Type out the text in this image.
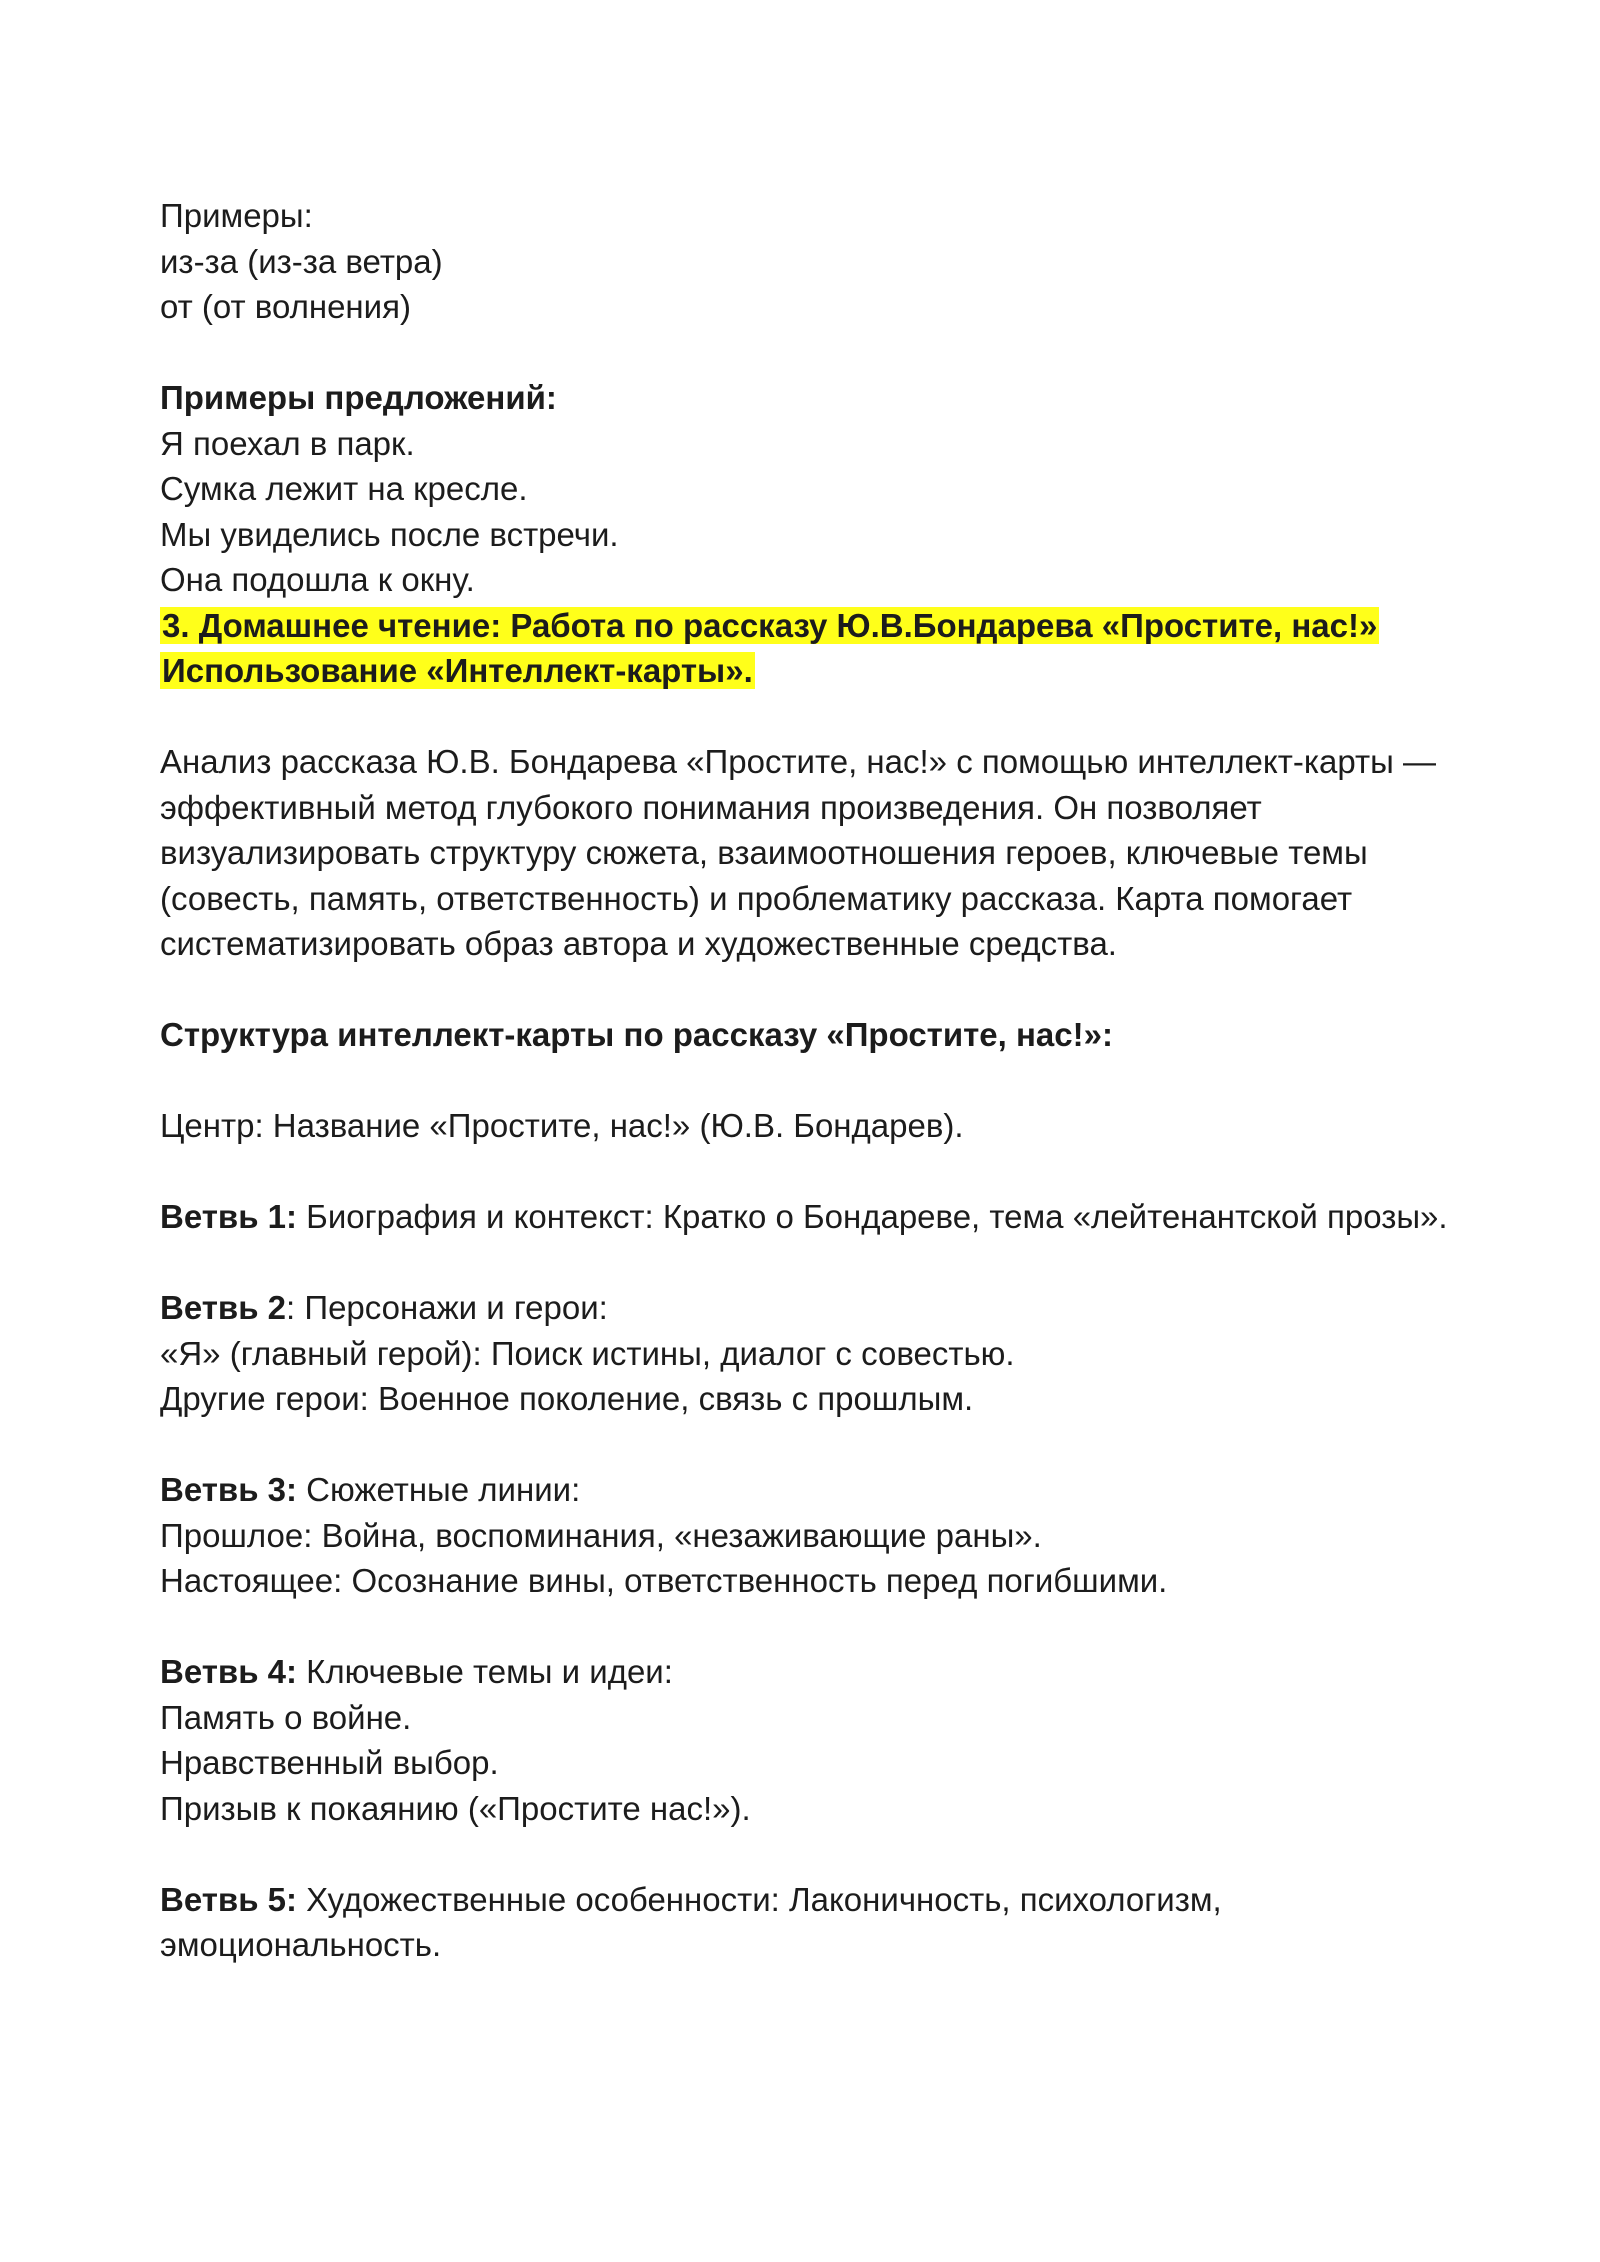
Примеры:
из-за (из-за ветра)
от (от волнения)
Примеры предложений:
Я поехал в парк.
Сумка лежит на кресле.
Мы увиделись после встречи.
Она подошла к окну.
3. Домашнее чтение: Работа по рассказу Ю.В.Бондарева «Простите, нас!»
Использование «Интеллект-карты».
Анализ рассказа Ю.В. Бондарева «Простите, нас!» с помощью интеллект-карты —
эффективный метод глубокого понимания произведения. Он позволяет
визуализировать структуру сюжета, взаимоотношения героев, ключевые темы
(совесть, память, ответственность) и проблематику рассказа. Карта помогает
систематизировать образ автора и художественные средства.
Структура интеллект-карты по рассказу «Простите, нас!»:
Центр: Название «Простите, нас!» (Ю.В. Бондарев).
Ветвь 1: Биография и контекст: Кратко о Бондареве, тема «лейтенантской прозы».
Ветвь 2: Персонажи и герои:
«Я» (главный герой): Поиск истины, диалог с совестью.
Другие герои: Военное поколение, связь с прошлым.
Ветвь 3: Сюжетные линии:
Прошлое: Война, воспоминания, «незаживающие раны».
Настоящее: Осознание вины, ответственность перед погибшими.
Ветвь 4: Ключевые темы и идеи:
Память о войне.
Нравственный выбор.
Призыв к покаянию («Простите нас!»).
Ветвь 5: Художественные особенности: Лаконичность, психологизм,
эмоциональность.
